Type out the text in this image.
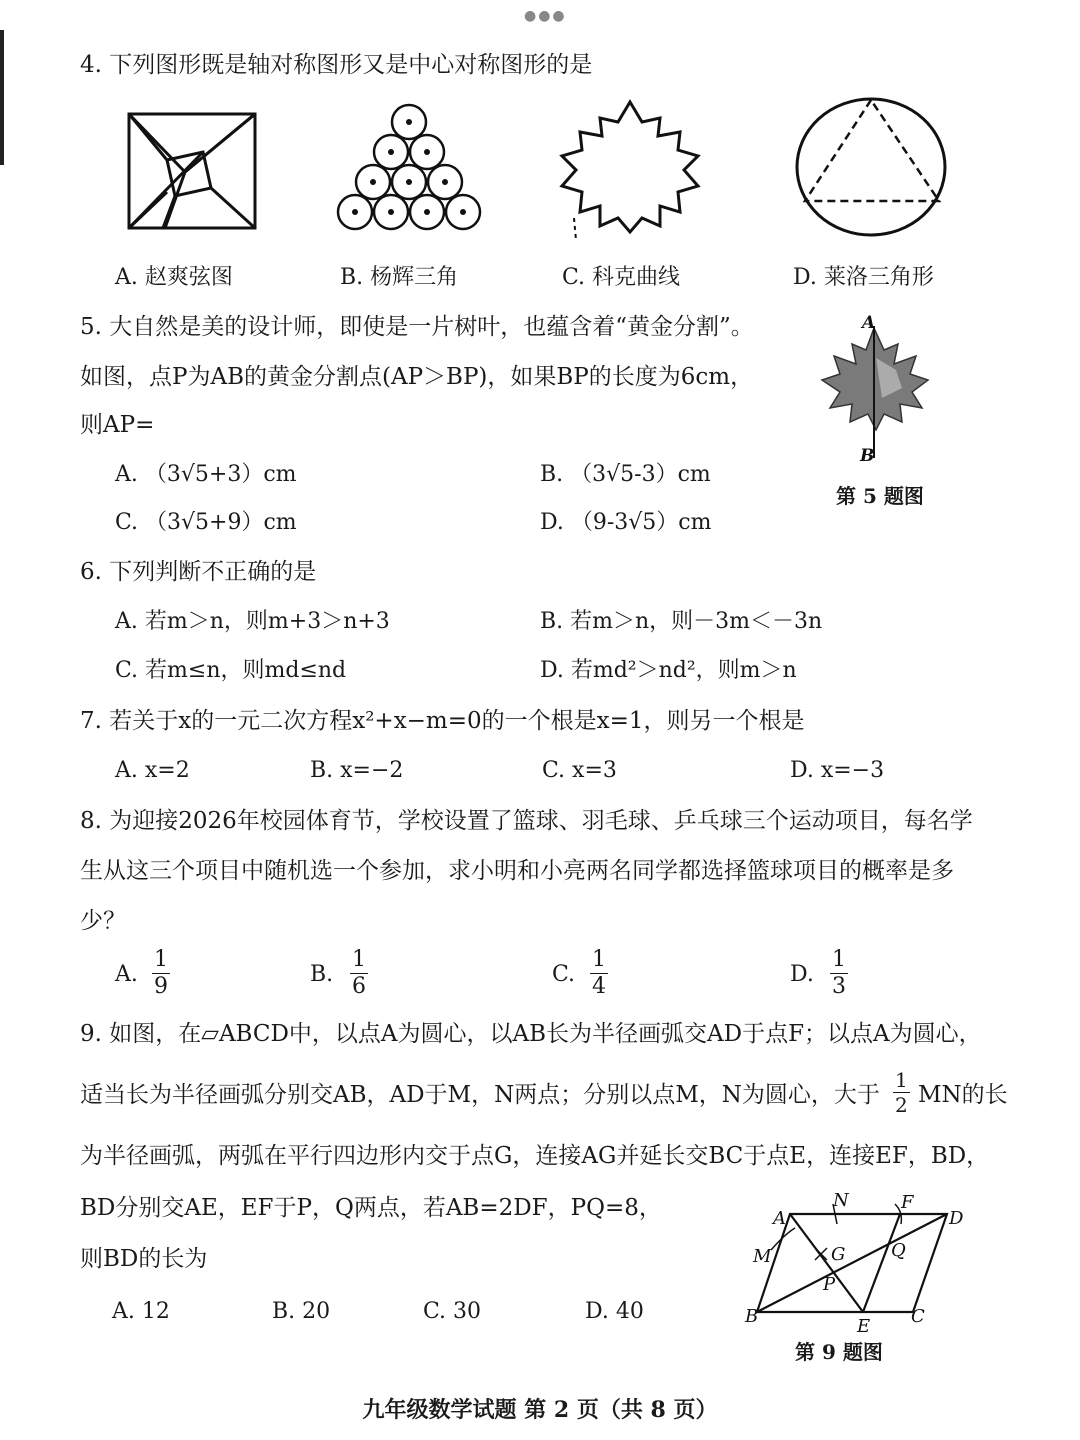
●●●
4. 下列图形既是轴对称图形又是中心对称图形的是
A. 赵爽弦图	B. 杨辉三角	C. 科克曲线	D. 莱洛三角形
5. 大自然是美的设计师，即使是一片树叶，也蕴含着“黄金分割”。
如图，点P为AB的黄金分割点(AP＞BP)，如果BP的长度为6cm，
则AP=
A
B
第 5 题图
A. （3√5+3）cm	B. （3√5-3）cm
C. （3√5+9）cm	D. （9-3√5）cm
6. 下列判断不正确的是
A. 若m＞n，则m+3＞n+3	B. 若m＞n，则－3m＜－3n
C. 若m≤n，则md≤nd	D. 若md²＞nd²，则m＞n
7. 若关于x的一元二次方程x²+x−m=0的一个根是x=1，则另一个根是
A. x=2	B. x=−2	C. x=3	D. x=−3
8. 为迎接2026年校园体育节，学校设置了篮球、羽毛球、乒乓球三个运动项目，每名学
生从这三个项目中随机选一个参加，求小明和小亮两名同学都选择篮球项目的概率是多
少？
A. $\frac{1}{9}$	B. $\frac{1}{6}$	C. $\frac{1}{4}$	D. $\frac{1}{3}$
9. 如图，在▱ABCD中，以点A为圆心，以AB长为半径画弧交AD于点F；以点A为圆心，
适当长为半径画弧分别交AB，AD于M，N两点；分别以点M，N为圆心，大于 $\frac{1}{2}$ MN的长
为半径画弧，两弧在平行四边形内交于点G，连接AG并延长交BC于点E，连接EF，BD，
BD分别交AE，EF于P，Q两点，若AB=2DF，PQ=8，
则BD的长为
A. 12	B. 20	C. 30	D. 40
A
N	F
D
M	G	Q
P
B	E C
第 9 题图
九年级数学试题 第 2 页（共 8 页）
